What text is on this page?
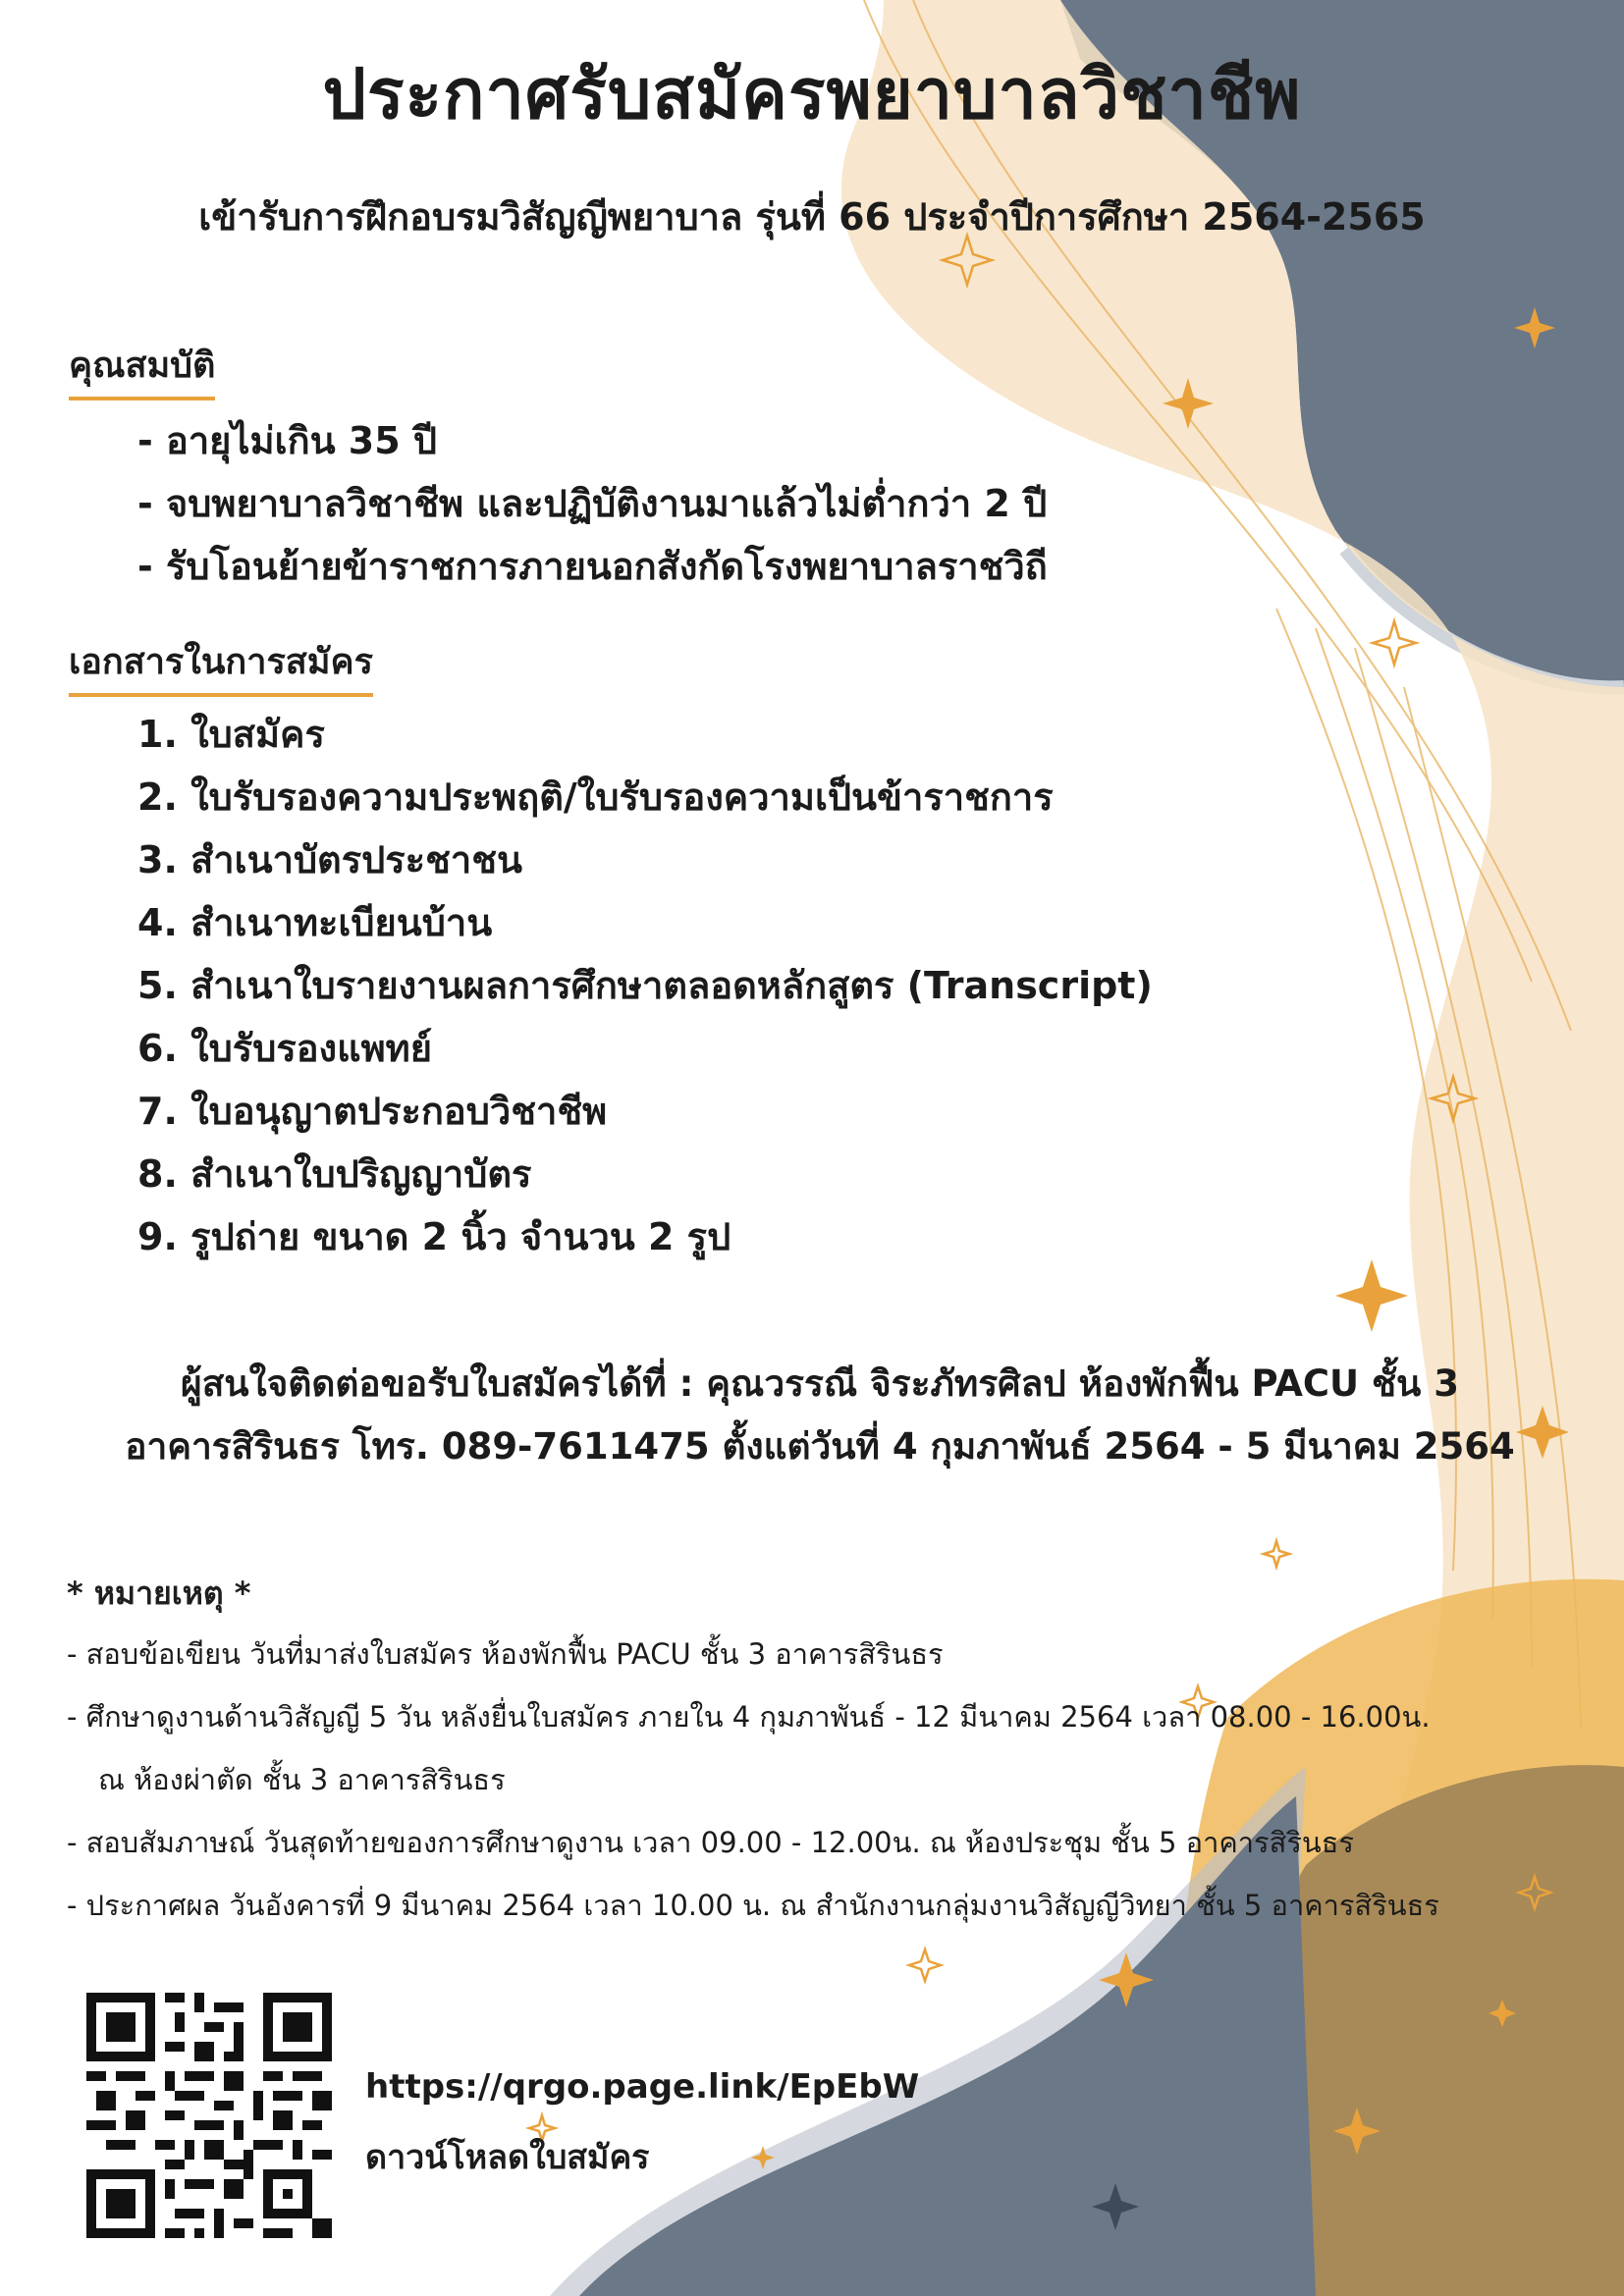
ประกาศรับสมัครพยาบาลวิชาชีพ
เข้ารับการฝึกอบรมวิสัญญีพยาบาล รุ่นที่ 66 ประจำปีการศึกษา 2564-2565
คุณสมบัติ
- อายุไม่เกิน 35 ปี
- จบพยาบาลวิชาชีพ และปฏิบัติงานมาแล้วไม่ต่ำกว่า 2 ปี
- รับโอนย้ายข้าราชการภายนอกสังกัดโรงพยาบาลราชวิถี
เอกสารในการสมัคร
1. ใบสมัคร
2. ใบรับรองความประพฤติ/ใบรับรองความเป็นข้าราชการ
3. สำเนาบัตรประชาชน
4. สำเนาทะเบียนบ้าน
5. สำเนาใบรายงานผลการศึกษาตลอดหลักสูตร (Transcript)
6. ใบรับรองแพทย์
7. ใบอนุญาตประกอบวิชาชีพ
8. สำเนาใบปริญญาบัตร
9. รูปถ่าย ขนาด 2 นิ้ว จำนวน 2 รูป
ผู้สนใจติดต่อขอรับใบสมัครได้ที่ : คุณวรรณี จิระภัทรศิลป ห้องพักฟื้น PACU ชั้น 3
อาคารสิรินธร โทร. 089-7611475 ตั้งแต่วันที่ 4 กุมภาพันธ์ 2564 - 5 มีนาคม 2564
* หมายเหตุ *
- สอบข้อเขียน วันที่มาส่งใบสมัคร ห้องพักฟื้น PACU ชั้น 3 อาคารสิรินธร
- ศึกษาดูงานด้านวิสัญญี 5 วัน หลังยื่นใบสมัคร ภายใน 4 กุมภาพันธ์ - 12 มีนาคม 2564 เวลา 08.00 - 16.00น.
ณ ห้องผ่าตัด ชั้น 3 อาคารสิรินธร
- สอบสัมภาษณ์ วันสุดท้ายของการศึกษาดูงาน เวลา 09.00 - 12.00น. ณ ห้องประชุม ชั้น 5 อาคารสิรินธร
- ประกาศผล วันอังคารที่ 9 มีนาคม 2564 เวลา 10.00 น. ณ สำนักงานกลุ่มงานวิสัญญีวิทยา ชั้น 5 อาคารสิรินธร
https://qrgo.page.link/EpEbW
ดาวน์โหลดใบสมัคร
